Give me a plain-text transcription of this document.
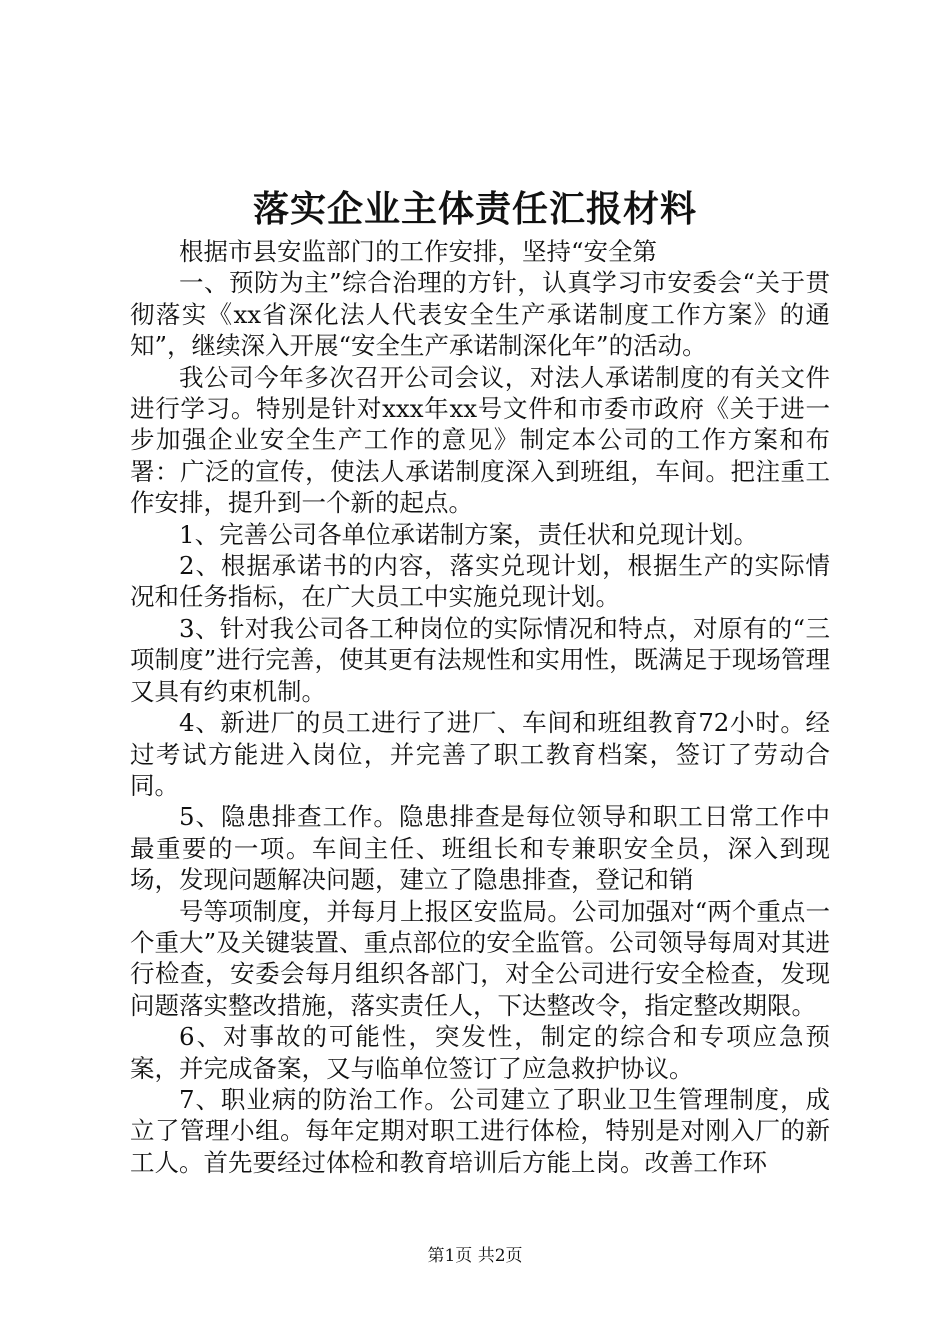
落实企业主体责任汇报材料

根据市县安监部门的工作安排，坚持“安全第

一、预防为主”综合治理的方针，认真学习市安委会“关于贯彻落实《xx省深化法人代表安全生产承诺制度工作方案》的通知”，继续深入开展“安全生产承诺制深化年”的活动。

我公司今年多次召开公司会议，对法人承诺制度的有关文件进行学习。特别是针对xxx年xx号文件和市委市政府《关于进一步加强企业安全生产工作的意见》制定本公司的工作方案和布署：广泛的宣传，使法人承诺制度深入到班组，车间。把注重工作安排，提升到一个新的起点。

1、完善公司各单位承诺制方案，责任状和兑现计划。

2、根据承诺书的内容，落实兑现计划，根据生产的实际情况和任务指标，在广大员工中实施兑现计划。

3、针对我公司各工种岗位的实际情况和特点，对原有的“三项制度”进行完善，使其更有法规性和实用性，既满足于现场管理又具有约束机制。

4、新进厂的员工进行了进厂、车间和班组教育72小时。经过考试方能进入岗位，并完善了职工教育档案，签订了劳动合同。

5、隐患排查工作。隐患排查是每位领导和职工日常工作中最重要的一项。车间主任、班组长和专兼职安全员，深入到现场，发现问题解决问题，建立了隐患排查，登记和销

号等项制度，并每月上报区安监局。公司加强对“两个重点一个重大”及关键装置、重点部位的安全监管。公司领导每周对其进行检查，安委会每月组织各部门，对全公司进行安全检查，发现问题落实整改措施，落实责任人，下达整改令，指定整改期限。

6、对事故的可能性，突发性，制定的综合和专项应急预案，并完成备案，又与临单位签订了应急救护协议。

7、职业病的防治工作。公司建立了职业卫生管理制度，成立了管理小组。每年定期对职工进行体检，特别是对刚入厂的新工人。首先要经过体检和教育培训后方能上岗。改善工作环

第1页 共2页
